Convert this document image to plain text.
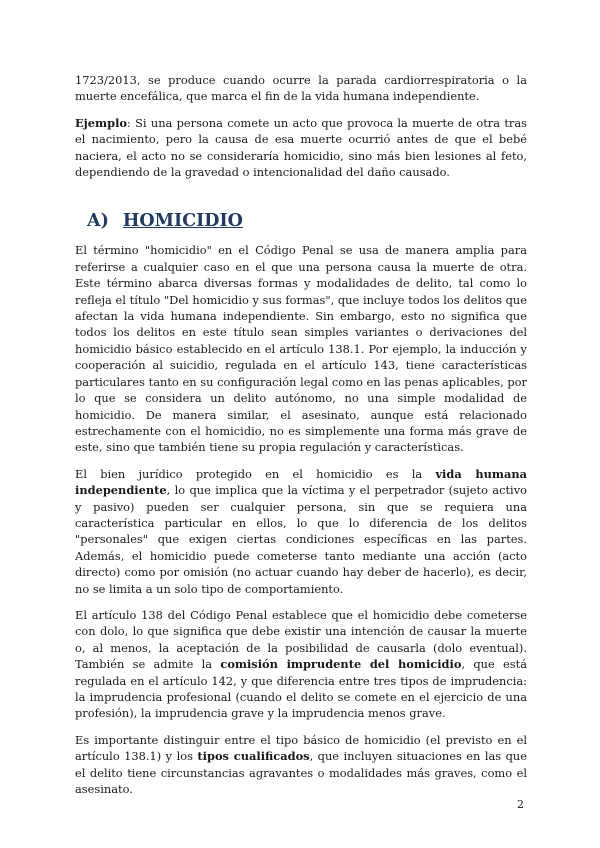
1723/2013, se produce cuando ocurre la parada cardiorrespiratoria o la muerte encefálica, que marca el fin de la vida humana independiente.

Ejemplo: Si una persona comete un acto que provoca la muerte de otra tras el nacimiento, pero la causa de esa muerte ocurrió antes de que el bebé naciera, el acto no se consideraría homicidio, sino más bien lesiones al feto, dependiendo de la gravedad o intencionalidad del daño causado.

A) HOMICIDIO

El término "homicidio" en el Código Penal se usa de manera amplia para referirse a cualquier caso en el que una persona causa la muerte de otra. Este término abarca diversas formas y modalidades de delito, tal como lo refleja el título "Del homicidio y sus formas", que incluye todos los delitos que afectan la vida humana independiente. Sin embargo, esto no significa que todos los delitos en este título sean simples variantes o derivaciones del homicidio básico establecido en el artículo 138.1. Por ejemplo, la inducción y cooperación al suicidio, regulada en el artículo 143, tiene características particulares tanto en su configuración legal como en las penas aplicables, por lo que se considera un delito autónomo, no una simple modalidad de homicidio. De manera similar, el asesinato, aunque está relacionado estrechamente con el homicidio, no es simplemente una forma más grave de este, sino que también tiene su propia regulación y características.

El bien jurídico protegido en el homicidio es la vida humana independiente, lo que implica que la víctima y el perpetrador (sujeto activo y pasivo) pueden ser cualquier persona, sin que se requiera una característica particular en ellos, lo que lo diferencia de los delitos "personales" que exigen ciertas condiciones específicas en las partes. Además, el homicidio puede cometerse tanto mediante una acción (acto directo) como por omisión (no actuar cuando hay deber de hacerlo), es decir, no se limita a un solo tipo de comportamiento.

El artículo 138 del Código Penal establece que el homicidio debe cometerse con dolo, lo que significa que debe existir una intención de causar la muerte o, al menos, la aceptación de la posibilidad de causarla (dolo eventual). También se admite la comisión imprudente del homicidio, que está regulada en el artículo 142, y que diferencia entre tres tipos de imprudencia: la imprudencia profesional (cuando el delito se comete en el ejercicio de una profesión), la imprudencia grave y la imprudencia menos grave.

Es importante distinguir entre el tipo básico de homicidio (el previsto en el artículo 138.1) y los tipos cualificados, que incluyen situaciones en las que el delito tiene circunstancias agravantes o modalidades más graves, como el asesinato.

2
